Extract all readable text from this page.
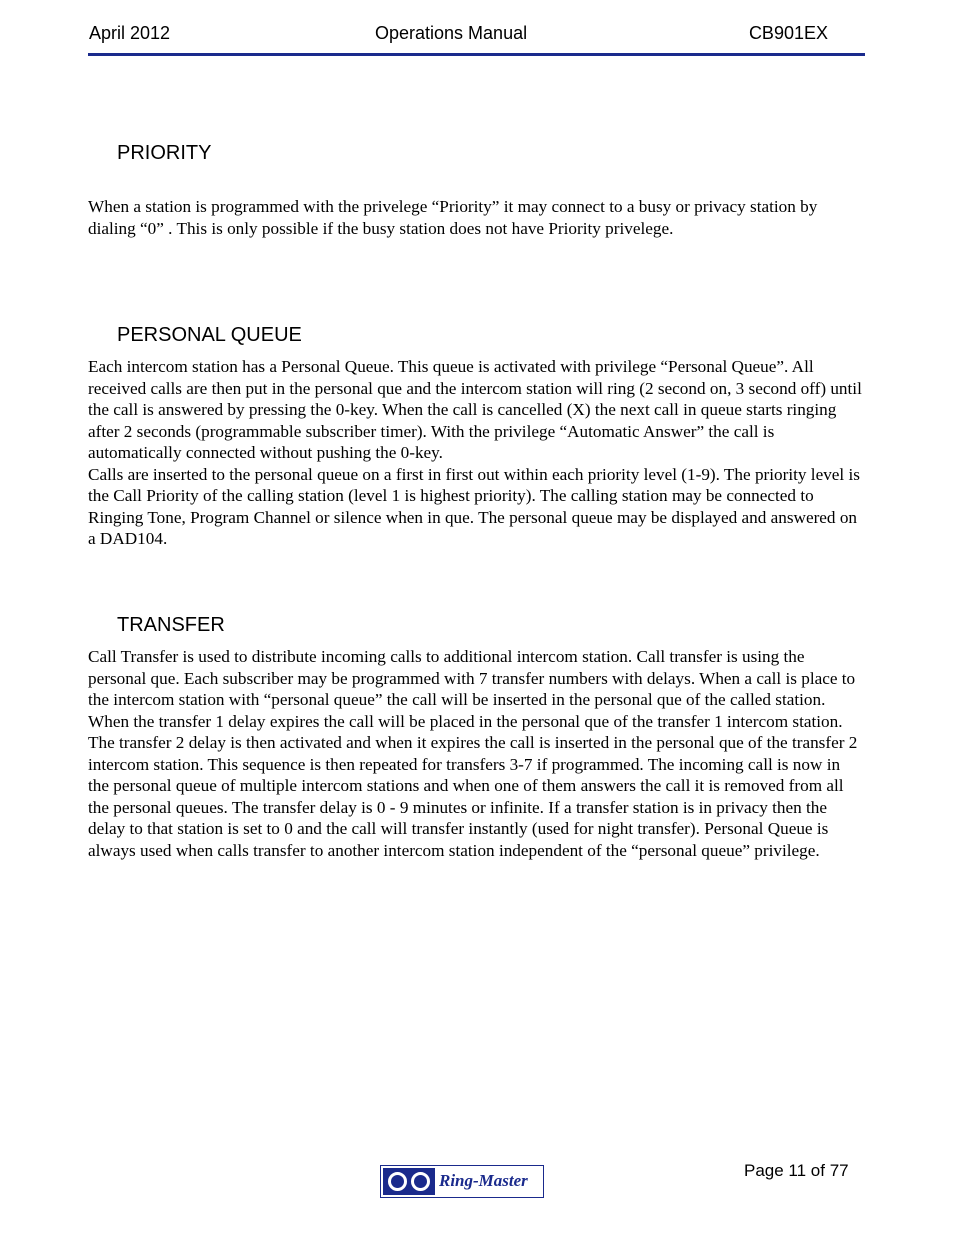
April 2012	Operations Manual	CB901EX
PRIORITY

When a station is programmed with the privelege “Priority” it may connect to a busy or privacy station by dialing “0” . This is only possible if the busy station does not have Priority privelege.

PERSONAL QUEUE

Each intercom station has a Personal Queue. This queue is activated with privilege “Personal Queue”. All received calls are then put in the personal que and the intercom station will ring (2 second on, 3 second off) until the call is answered by pressing the 0-key. When the call is cancelled (X) the next call in queue starts ringing after 2 seconds (programmable subscriber timer). With the privilege “Automatic Answer” the call is automatically connected without pushing the 0-key.
Calls are inserted to the personal queue on a first in first out within each priority level (1-9). The priority level is the Call Priority of the calling station (level 1 is highest priority). The calling station may be connected to Ringing Tone, Program Channel or silence when in que. The personal queue may be displayed and answered on a DAD104.

TRANSFER

Call Transfer is used to distribute incoming calls to additional intercom station. Call transfer is using the personal que. Each subscriber may be programmed with 7 transfer numbers with delays. When a call is place to the intercom station with “personal queue” the call will be inserted in the personal que of the called station. When the transfer 1 delay expires the call will be placed in the personal que of the transfer 1 intercom station. The transfer 2 delay is then activated and when it expires the call is inserted in the personal que of the transfer 2 intercom station. This sequence is then repeated for transfers 3-7 if programmed. The incoming call is now in the personal queue of multiple intercom stations and when one of them answers the call it is removed from all the personal queues. The transfer delay is 0 - 9 minutes or infinite. If a transfer station is in privacy then the delay to that station is set to 0 and the call will transfer instantly (used for night transfer). Personal Queue is always used when calls transfer to another intercom station independent of the “personal queue” privilege.

Page 11 of 77
Ring-Master
